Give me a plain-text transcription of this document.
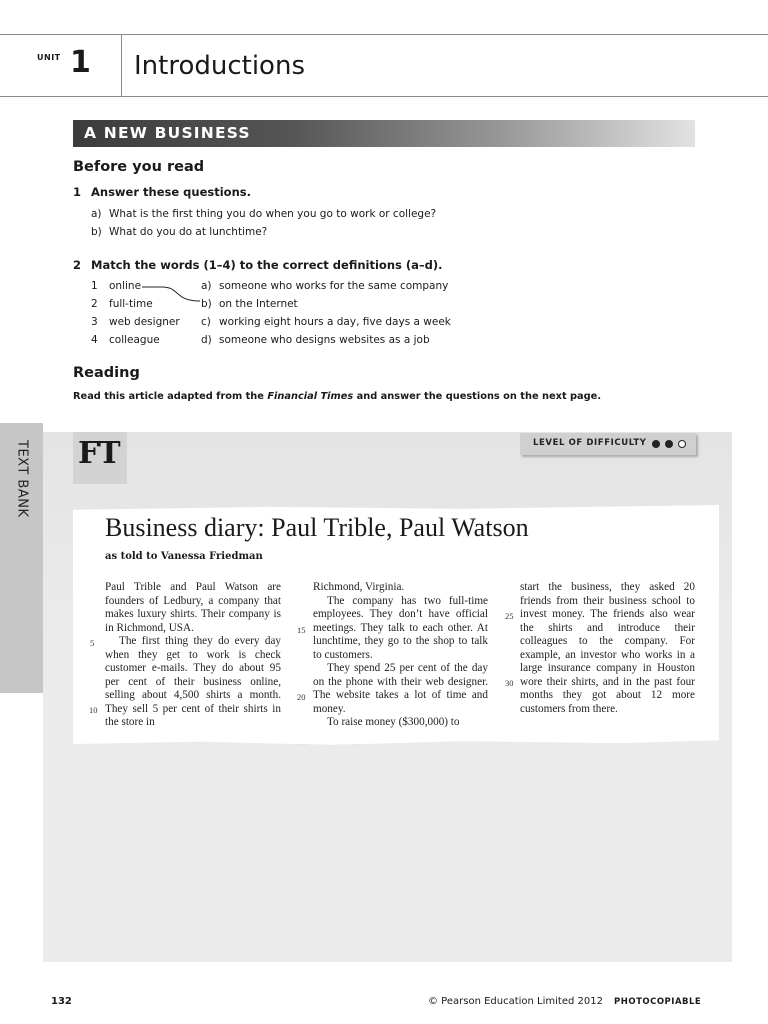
UNIT 1 Introductions
A NEW BUSINESS
Before you read
1 Answer these questions.
a) What is the first thing you do when you go to work or college?
b) What do you do at lunchtime?
2 Match the words (1–4) to the correct definitions (a–d).
1 online
2 full-time
3 web designer
4 colleague
a) someone who works for the same company
b) on the Internet
c) working eight hours a day, five days a week
d) someone who designs websites as a job
Reading
Read this article adapted from the Financial Times and answer the questions on the next page.
TEXT BANK FT	LEVEL OF DIFFICULTY
Business diary: Paul Trible, Paul Watson
as told to Vanessa Friedman

Paul Trible and Paul Watson are founders of Ledbury, a company that makes luxury shirts. Their company is in Richmond, USA.

The first thing they do every day when they get to work is check customer e-mails. They do about 95 per cent of their business online, selling about 4,500 shirts a month. They sell 5 per cent of their shirts in the store in

Richmond, Virginia.

The company has two full-time employees. They don’t have official meetings. They talk to each other. At lunchtime, they go to the shop to talk to customers.

They spend 25 per cent of the day on the phone with their web designer. The website takes a lot of time and money.

To raise money ($300,000) to

start the business, they asked 20 friends from their business school to invest money. The friends also wear the shirts and introduce their colleagues to the company. For example, an investor who works in a large insurance company in Houston wore their shirts, and in the past four months they got about 12 more customers from there.

5
10
15
20
25
30
132	© Pearson Education Limited 2012 PHOTOCOPIABLE
